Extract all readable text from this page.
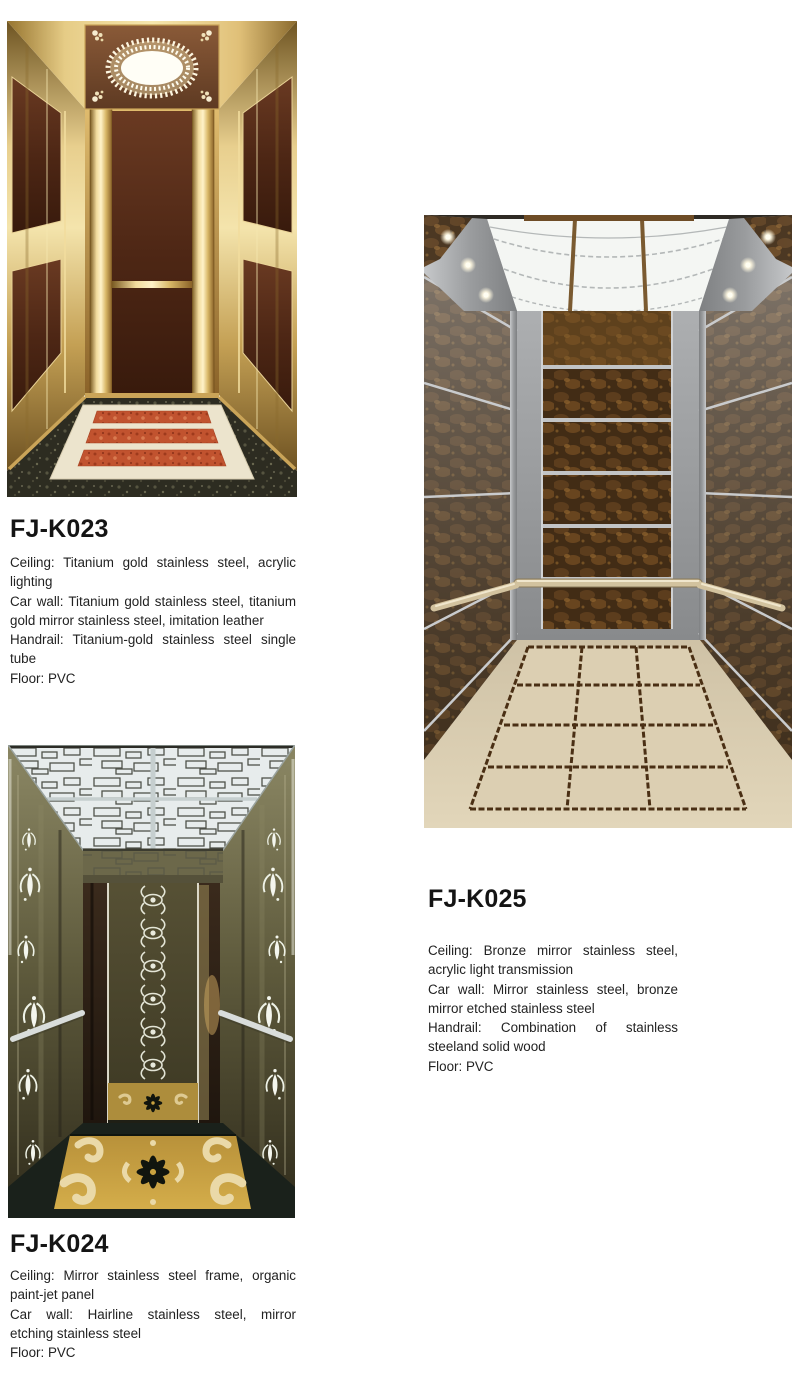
FJ-K023

Ceiling: Titanium gold stainless steel, acrylic
lighting

Car wall: Titanium gold stainless steel, titanium
gold mirror stainless steel, imitation leather

Handrail: Titanium-gold stainless steel single
tube

Floor: PVC

FJ-K025

Ceiling: Bronze mirror stainless steel,
acrylic light transmission

Car wall: Mirror stainless steel, bronze
mirror etched stainless steel

Handrail: Combination of stainless
steeland solid wood

Floor: PVC

FJ-K024

Ceiling: Mirror stainless steel frame, organic
paint-jet panel

Car wall: Hairline stainless steel, mirror
etching stainless steel

Floor: PVC
